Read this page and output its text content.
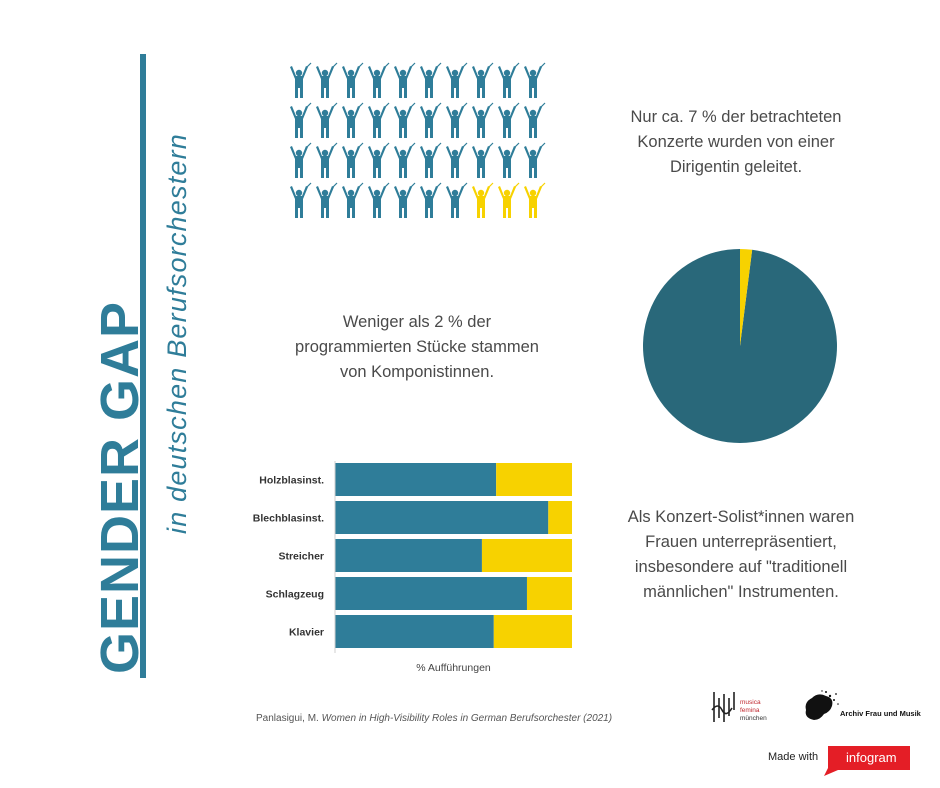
GENDER GAP in deutschen Berufsorchestern
Nur ca. 7 % der betrachteten
Konzerte wurden von einer
Dirigentin geleitet.
Weniger als 2 % der
programmierten Stücke stammen
von Komponistinnen.
Als Konzert-Solist*innen waren
Frauen unterrepräsentiert,
insbesondere auf "traditionell
männlichen" Instrumenten.
Holzblasinst.
Blechblasinst.
Streicher
Schlagzeug
Klavier
% Aufführungen
Panlasigui, M. Women in High-Visibility Roles in German Berufsorchester (2021)
musica
femina
münchen
Archiv Frau und Musik
Made with infogram
